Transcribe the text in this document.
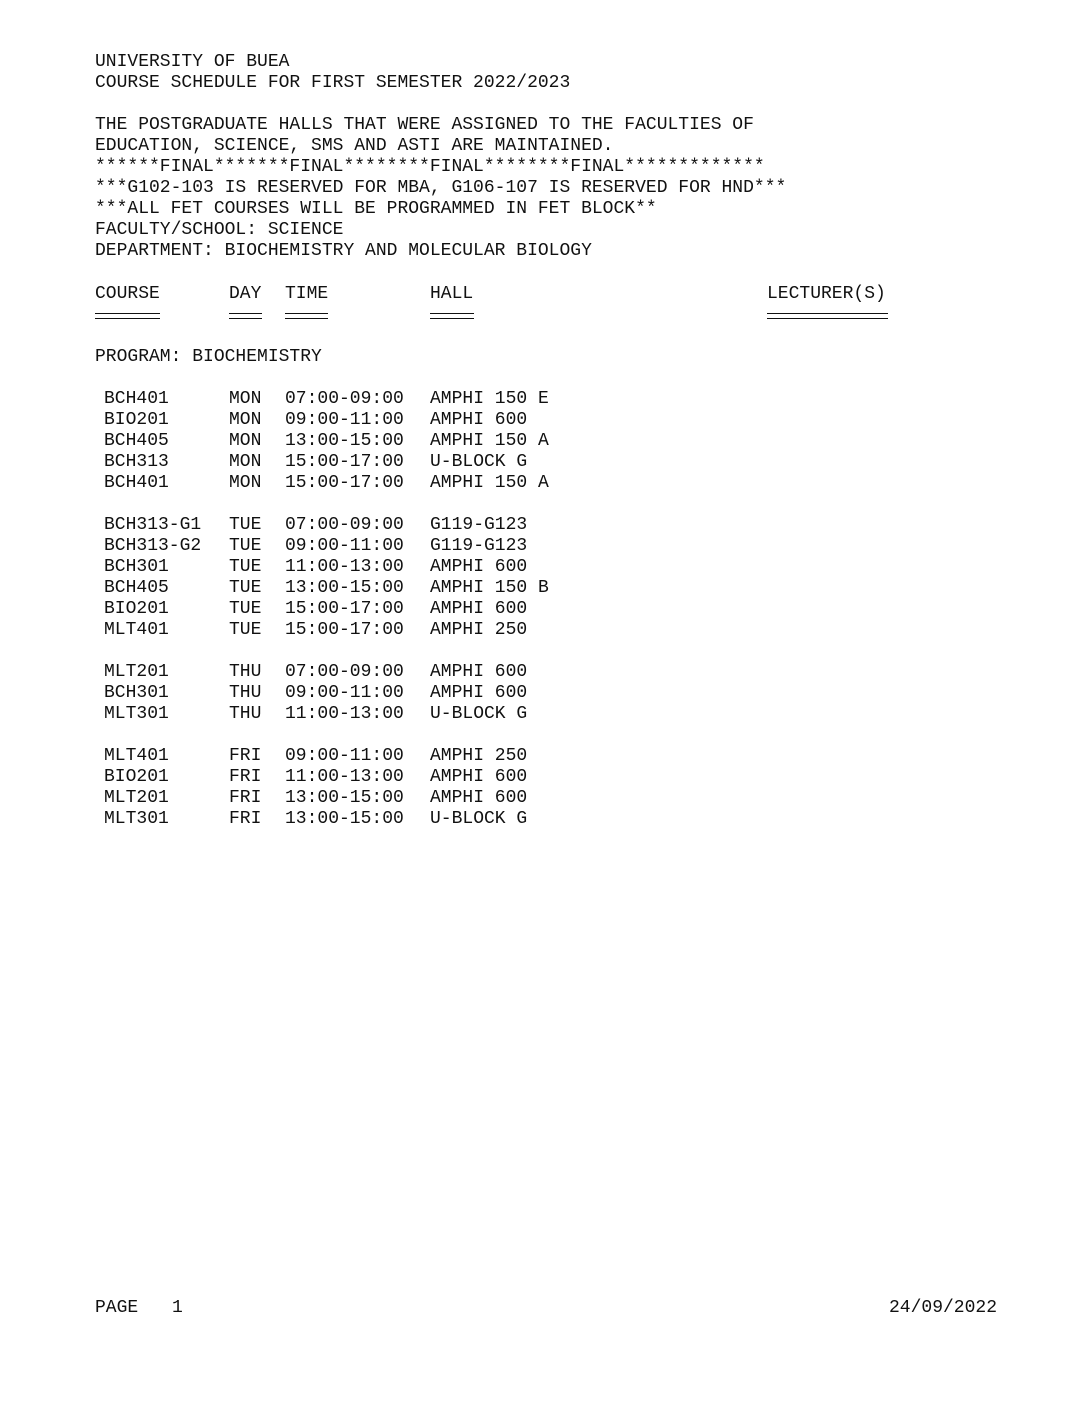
UNIVERSITY OF BUEA
COURSE SCHEDULE FOR FIRST SEMESTER 2022/2023
THE POSTGRADUATE HALLS THAT WERE ASSIGNED TO THE FACULTIES OF
EDUCATION, SCIENCE, SMS AND ASTI ARE MAINTAINED.
******FINAL*******FINAL********FINAL********FINAL*************
***G102-103 IS RESERVED FOR MBA, G106-107 IS RESERVED FOR HND***
***ALL FET COURSES WILL BE PROGRAMMED IN FET BLOCK**
FACULTY/SCHOOL: SCIENCE
DEPARTMENT: BIOCHEMISTRY AND MOLECULAR BIOLOGY
COURSE	DAY TIME	HALL	LECTURER(S)
PROGRAM: BIOCHEMISTRY
BCH401	MON 07:00-09:00 AMPHI 150 E
BIO201	MON 09:00-11:00 AMPHI 600
BCH405	MON 13:00-15:00 AMPHI 150 A
BCH313	MON 15:00-17:00 U-BLOCK G
BCH401	MON 15:00-17:00 AMPHI 150 A
BCH313-G1 TUE 07:00-09:00 G119-G123
BCH313-G2 TUE 09:00-11:00 G119-G123
BCH301	TUE 11:00-13:00 AMPHI 600
BCH405	TUE 13:00-15:00 AMPHI 150 B
BIO201	TUE 15:00-17:00 AMPHI 600
MLT401	TUE 15:00-17:00 AMPHI 250
MLT201	THU 07:00-09:00 AMPHI 600
BCH301	THU 09:00-11:00 AMPHI 600
MLT301	THU 11:00-13:00 U-BLOCK G
MLT401	FRI 09:00-11:00 AMPHI 250
BIO201	FRI 11:00-13:00 AMPHI 600
MLT201	FRI 13:00-15:00 AMPHI 600
MLT301	FRI 13:00-15:00 U-BLOCK G
PAGE 1	24/09/2022
